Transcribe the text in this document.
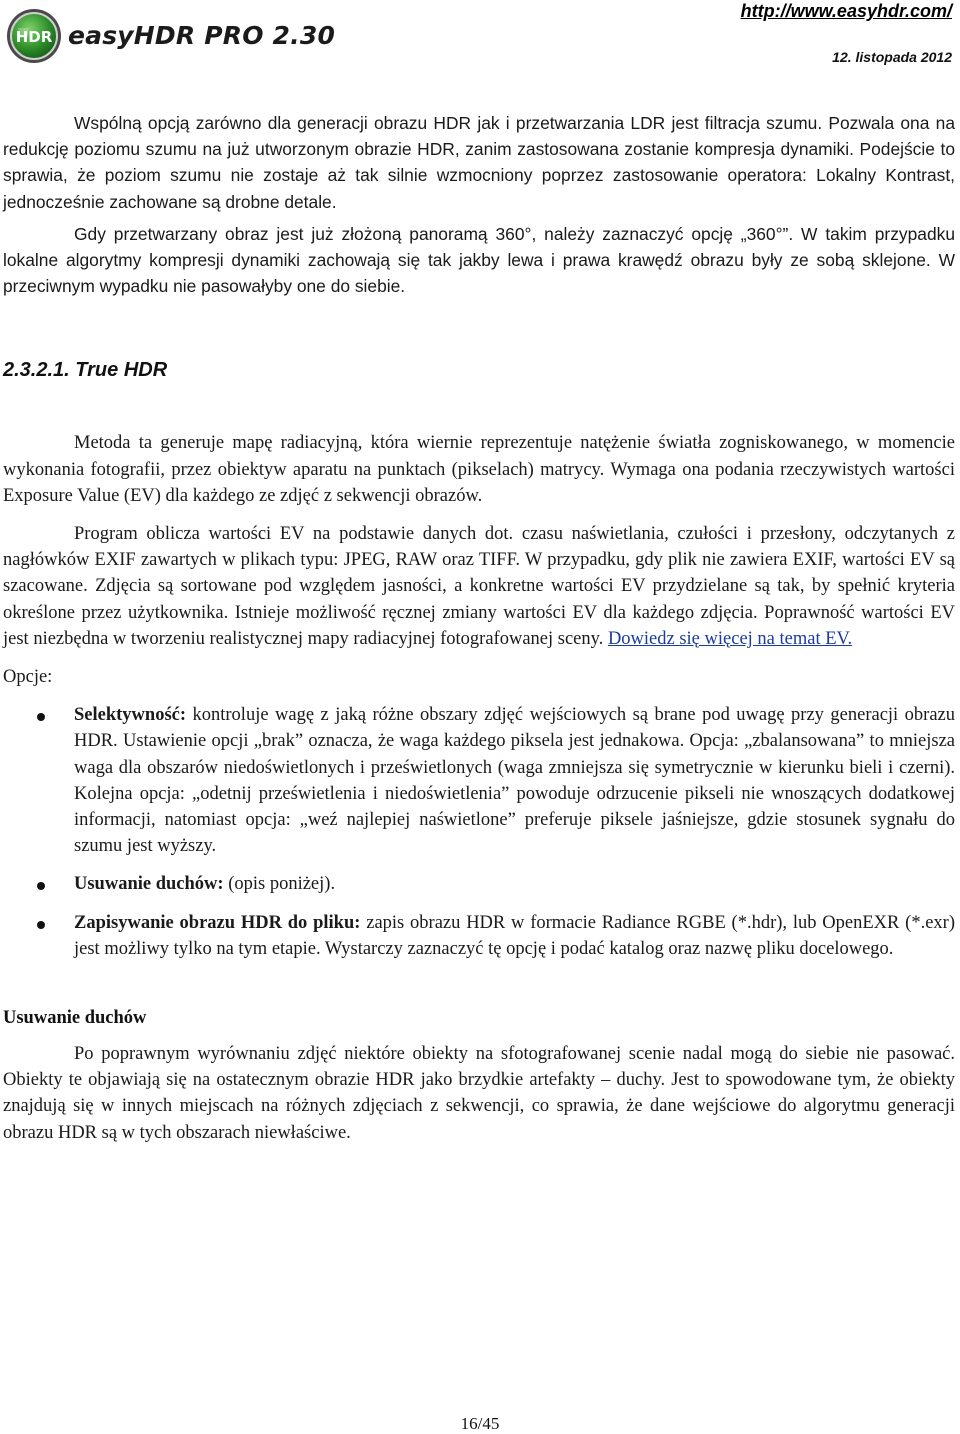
HDR easyHDR PRO 2.30
http://www.easyhdr.com/
12. listopada 2012

Wspólną opcją zarówno dla generacji obrazu HDR jak i przetwarzania LDR jest filtracja szumu. Pozwala ona na redukcję poziomu szumu na już utworzonym obrazie HDR, zanim zastosowana zostanie kompresja dynamiki. Podejście to sprawia, że poziom szumu nie zostaje aż tak silnie wzmocniony poprzez zastosowanie operatora: Lokalny Kontrast, jednocześnie zachowane są drobne detale.

Gdy przetwarzany obraz jest już złożoną panoramą 360°, należy zaznaczyć opcję „360°”. W takim przypadku lokalne algorytmy kompresji dynamiki zachowają się tak jakby lewa i prawa krawędź obrazu były ze sobą sklejone. W przeciwnym wypadku nie pasowałyby one do siebie.

2.3.2.1. True HDR

Metoda ta generuje mapę radiacyjną, która wiernie reprezentuje natężenie światła zogniskowanego, w momencie wykonania fotografii, przez obiektyw aparatu na punktach (pikselach) matrycy. Wymaga ona podania rzeczywistych wartości Exposure Value (EV) dla każdego ze zdjęć z sekwencji obrazów.

Program oblicza wartości EV na podstawie danych dot. czasu naświetlania, czułości i przesłony, odczytanych z nagłówków EXIF zawartych w plikach typu: JPEG, RAW oraz TIFF. W przypadku, gdy plik nie zawiera EXIF, wartości EV są szacowane. Zdjęcia są sortowane pod względem jasności, a konkretne wartości EV przydzielane są tak, by spełnić kryteria określone przez użytkownika. Istnieje możliwość ręcznej zmiany wartości EV dla każdego zdjęcia. Poprawność wartości EV jest niezbędna w tworzeniu realistycznej mapy radiacyjnej fotografowanej sceny. Dowiedz się więcej na temat EV.

Opcje:

Selektywność: kontroluje wagę z jaką różne obszary zdjęć wejściowych są brane pod uwagę przy generacji obrazu HDR. Ustawienie opcji „brak” oznacza, że waga każdego piksela jest jednakowa. Opcja: „zbalansowana” to mniejsza waga dla obszarów niedoświetlonych i prześwietlonych (waga zmniejsza się symetrycznie w kierunku bieli i czerni). Kolejna opcja: „odetnij prześwietlenia i niedoświetlenia” powoduje odrzucenie pikseli nie wnoszących dodatkowej informacji, natomiast opcja: „weź najlepiej naświetlone” preferuje piksele jaśniejsze, gdzie stosunek sygnału do szumu jest wyższy.
Usuwanie duchów: (opis poniżej).
Zapisywanie obrazu HDR do pliku: zapis obrazu HDR w formacie Radiance RGBE (*.hdr), lub OpenEXR (*.exr) jest możliwy tylko na tym etapie. Wystarczy zaznaczyć tę opcję i podać katalog oraz nazwę pliku docelowego.
Usuwanie duchów

Po poprawnym wyrównaniu zdjęć niektóre obiekty na sfotografowanej scenie nadal mogą do siebie nie pasować. Obiekty te objawiają się na ostatecznym obrazie HDR jako brzydkie artefakty – duchy. Jest to spowodowane tym, że obiekty znajdują się w innych miejscach na różnych zdjęciach z sekwencji, co sprawia, że dane wejściowe do algorytmu generacji obrazu HDR są w tych obszarach niewłaściwe.

16/45
